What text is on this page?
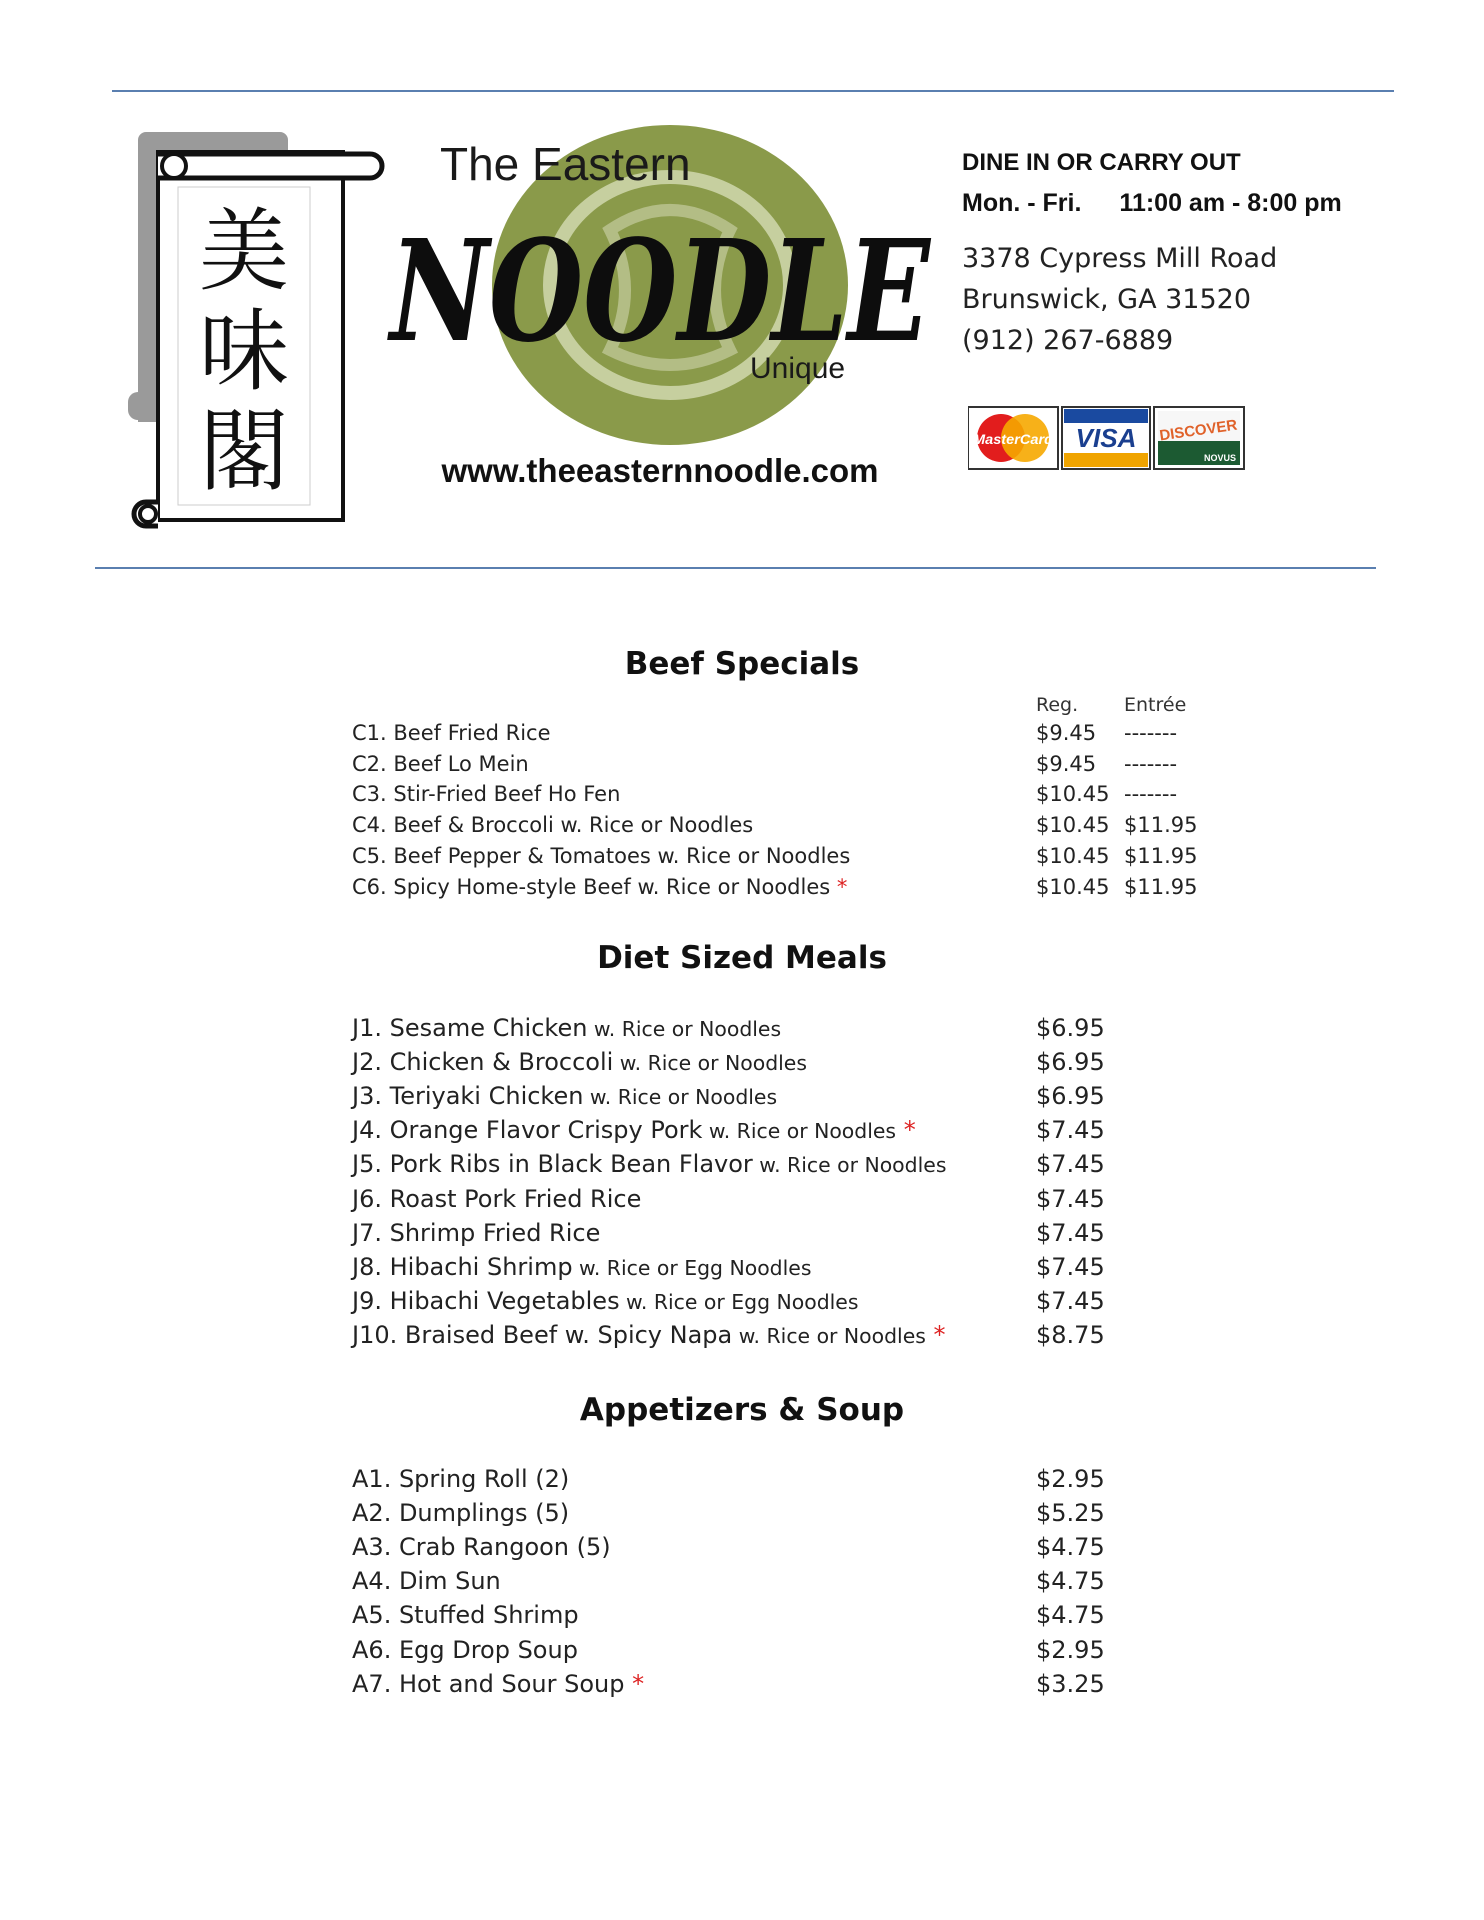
美
味
閣
The Eastern
NOODLE
Unique
www.theeasternnoodle.com
DINE IN OR CARRY OUT
Mon. - Fri. 11:00 am - 8:00 pm
3378 Cypress Mill Road
Brunswick, GA 31520
(912) 267-6889
MasterCard VISA DISCOVER
NOVUS
Beef Specials
Reg. Entrée
C1. Beef Fried Rice	$9.45 -------
C2. Beef Lo Mein	$9.45 -------
C3. Stir-Fried Beef Ho Fen	$10.45 -------
C4. Beef & Broccoli w. Rice or Noodles	$10.45 $11.95
C5. Beef Pepper & Tomatoes w. Rice or Noodles	$10.45 $11.95
C6. Spicy Home-style Beef w. Rice or Noodles *	$10.45 $11.95
Diet Sized Meals
J1. Sesame Chicken w. Rice or Noodles	$6.95
J2. Chicken & Broccoli w. Rice or Noodles	$6.95
J3. Teriyaki Chicken w. Rice or Noodles	$6.95
J4. Orange Flavor Crispy Pork w. Rice or Noodles *	$7.45
J5. Pork Ribs in Black Bean Flavor w. Rice or Noodles	$7.45
J6. Roast Pork Fried Rice	$7.45
J7. Shrimp Fried Rice	$7.45
J8. Hibachi Shrimp w. Rice or Egg Noodles	$7.45
J9. Hibachi Vegetables w. Rice or Egg Noodles	$7.45
J10. Braised Beef w. Spicy Napa w. Rice or Noodles *	$8.75
Appetizers & Soup
A1. Spring Roll (2)	$2.95
A2. Dumplings (5)	$5.25
A3. Crab Rangoon (5)	$4.75
A4. Dim Sun	$4.75
A5. Stuffed Shrimp	$4.75
A6. Egg Drop Soup	$2.95
A7. Hot and Sour Soup *	$3.25
